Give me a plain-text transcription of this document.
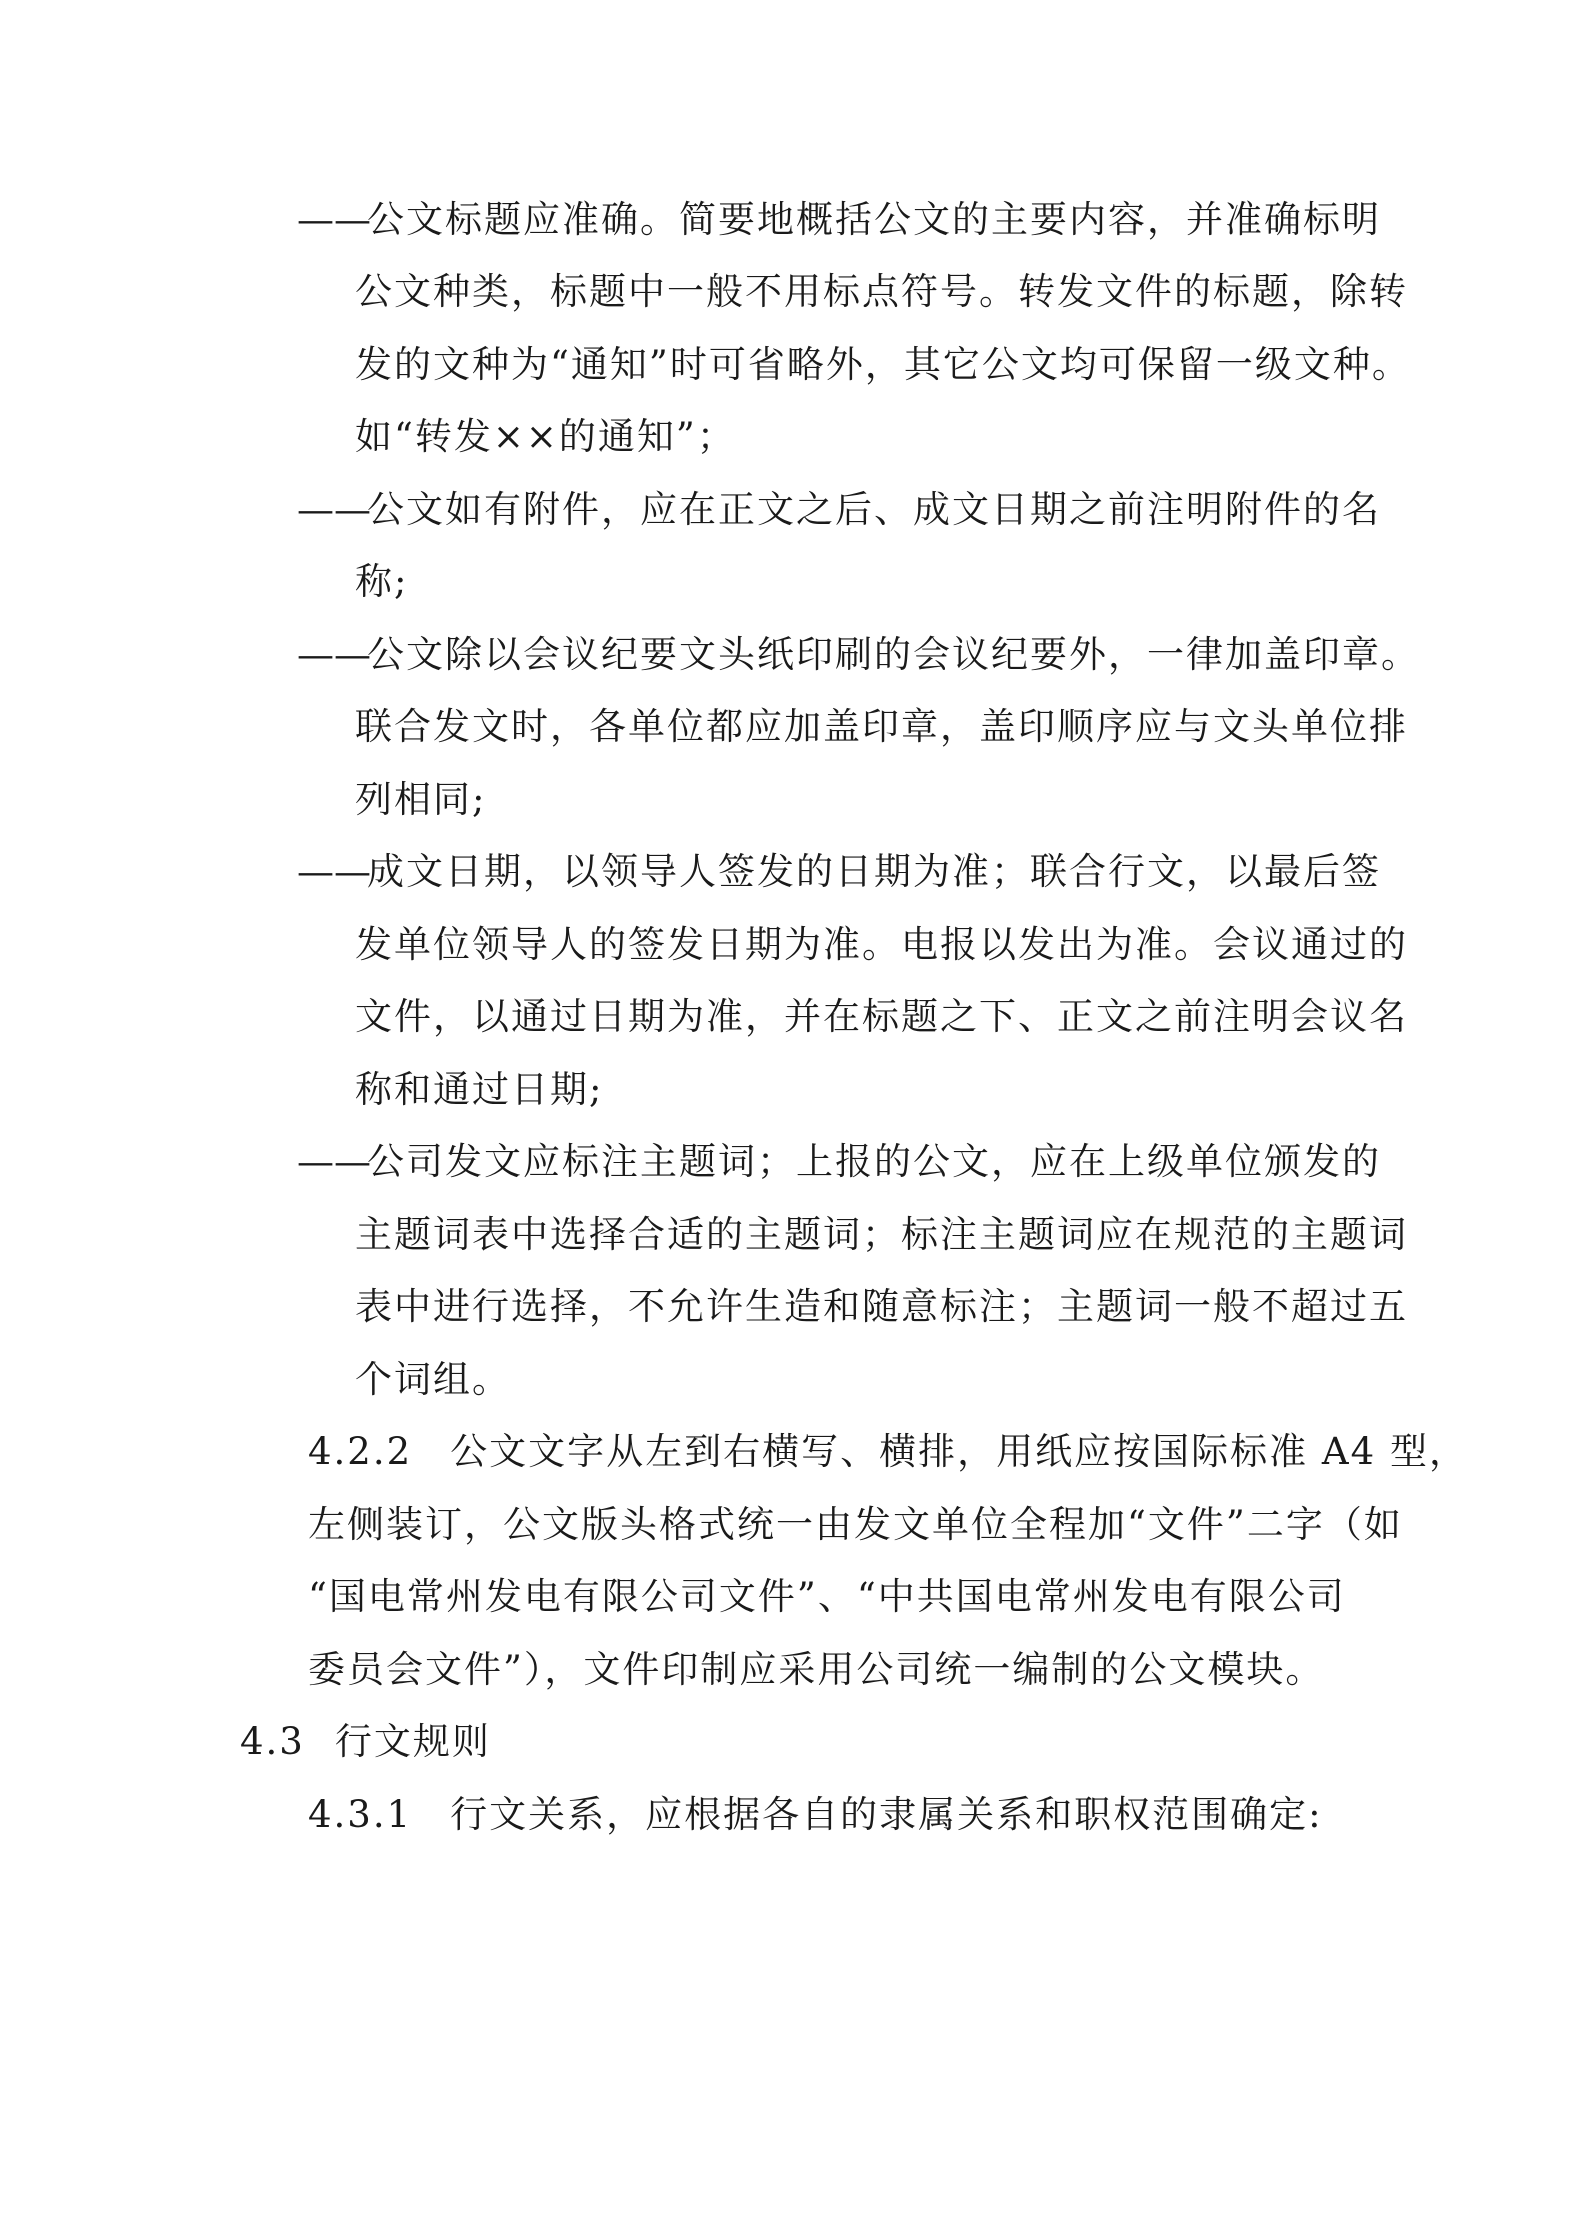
——公文标题应准确。简要地概括公文的主要内容，并准确标明
公文种类，标题中一般不用标点符号。转发文件的标题，除转
发的文种为“通知”时可省略外，其它公文均可保留一级文种。
如“转发××的通知”；
——公文如有附件，应在正文之后、成文日期之前注明附件的名
称;
——公文除以会议纪要文头纸印刷的会议纪要外，一律加盖印章。
联合发文时，各单位都应加盖印章，盖印顺序应与文头单位排
列相同;
——成文日期，以领导人签发的日期为准；联合行文，以最后签
发单位领导人的签发日期为准。电报以发出为准。会议通过的
文件，以通过日期为准，并在标题之下、正文之前注明会议名
称和通过日期;
——公司发文应标注主题词；上报的公文，应在上级单位颁发的
主题词表中选择合适的主题词；标注主题词应在规范的主题词
表中进行选择，不允许生造和随意标注；主题词一般不超过五
个词组。
4.2.2 公文文字从左到右横写、横排，用纸应按国际标准 A4 型，
左侧装订，公文版头格式统一由发文单位全程加“文件”二字（如
“国电常州发电有限公司文件”、“中共国电常州发电有限公司
委员会文件”），文件印制应采用公司统一编制的公文模块。
4.3 行文规则
4.3.1 行文关系，应根据各自的隶属关系和职权范围确定:
